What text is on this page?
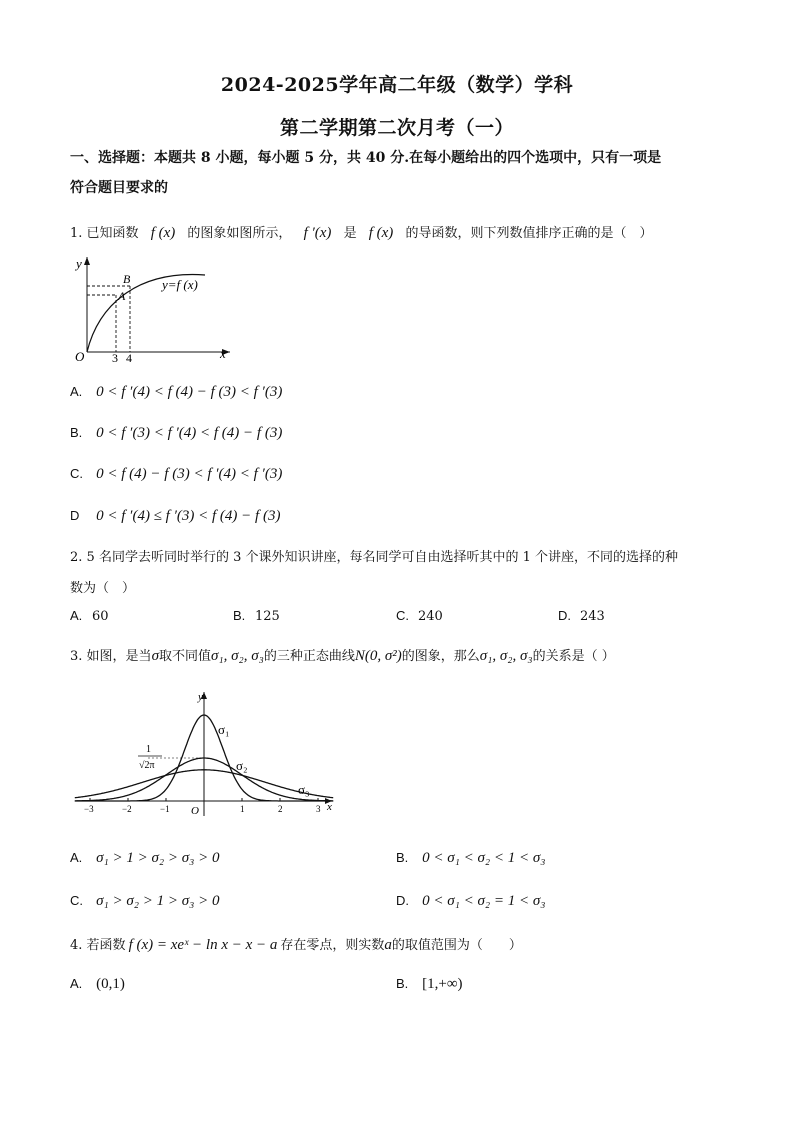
2024-2025学年高二年级（数学）学科
第二学期第二次月考（一）
一、选择题：本题共 8 小题，每小题 5 分，共 40 分.在每小题给出的四个选项中，只有一项是
符合题目要求的
1. 已知函数 f (x) 的图象如图所示， f ′(x) 是 f (x) 的导函数，则下列数值排序正确的是（　）
y
x
O 3 4
A
B y=f (x)
A. 0 < f ′(4) < f (4) − f (3) < f ′(3)
B. 0 < f ′(3) < f ′(4) < f (4) − f (3)
C. 0 < f (4) − f (3) < f ′(4) < f ′(3)
D 0 < f ′(4) ≤ f ′(3) < f (4) − f (3)
2. 5 名同学去听同时举行的 3 个课外知识讲座，每名同学可自由选择听其中的 1 个讲座，不同的选择的种
数为（　）
A. 60	B. 125	C. 240	D. 243
3. 如图，是当σ取不同值σ₁, σ₂, σ₃的三种正态曲线N(0, σ²)的图象，那么σ₁, σ₂, σ₃的关系是（ ）
y
x
O
1
√2π
−3	−2	−1	1	2	3
σ₁
σ₂
σ₃
A. σ₁ > 1 > σ₂ > σ₃ > 0	B. 0 < σ₁ < σ₂ < 1 < σ₃
C. σ₁ > σ₂ > 1 > σ₃ > 0	D. 0 < σ₁ < σ₂ = 1 < σ₃
4. 若函数 f (x) = xeˣ − ln x − x − a 存在零点，则实数a的取值范围为（　　）
A. (0,1)	B. [1,+∞)
